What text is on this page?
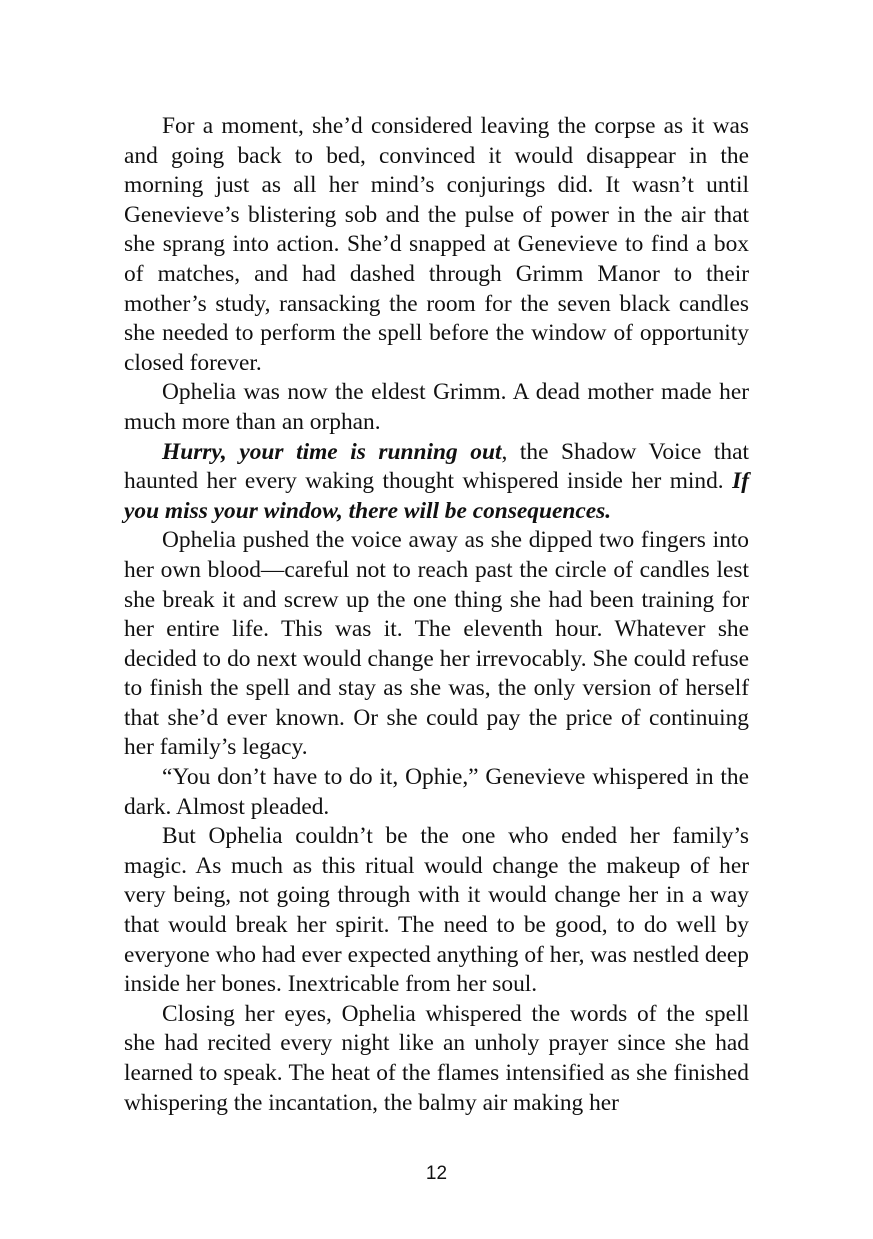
For a moment, she’d considered leaving the corpse as it was and going back to bed, convinced it would disappear in the morning just as all her mind’s conjurings did. It wasn’t until Genevieve’s blistering sob and the pulse of power in the air that she sprang into action. She’d snapped at Genevieve to find a box of matches, and had dashed through Grimm Manor to their mother’s study, ransacking the room for the seven black candles she needed to perform the spell before the window of opportunity closed forever.

Ophelia was now the eldest Grimm. A dead mother made her much more than an orphan.

Hurry, your time is running out, the Shadow Voice that haunted her every waking thought whispered inside her mind. If you miss your window, there will be consequences.

Ophelia pushed the voice away as she dipped two fingers into her own blood—careful not to reach past the circle of candles lest she break it and screw up the one thing she had been training for her entire life. This was it. The eleventh hour. Whatever she decided to do next would change her irrevocably. She could refuse to finish the spell and stay as she was, the only version of herself that she’d ever known. Or she could pay the price of continuing her family’s legacy.

“You don’t have to do it, Ophie,” Genevieve whispered in the dark. Almost pleaded.

But Ophelia couldn’t be the one who ended her family’s magic. As much as this ritual would change the makeup of her very being, not going through with it would change her in a way that would break her spirit. The need to be good, to do well by everyone who had ever expected anything of her, was nestled deep inside her bones. Inextricable from her soul.

Closing her eyes, Ophelia whispered the words of the spell she had recited every night like an unholy prayer since she had learned to speak. The heat of the flames intensified as she finished whispering the incantation, the balmy air making her

12
